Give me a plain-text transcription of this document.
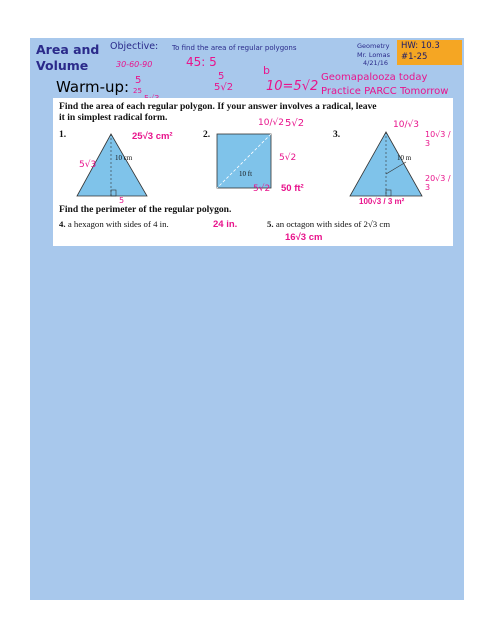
Area and
Volume
Objective: To find the area of regular polygons	Geometry
Mr. Lomas
4/21/16
HW: 10.3
#1-25
Warm-up:
30-60-90	45: 5
5
5√2
5
25
b
10=5√2
Geomapalooza today
Practice PARCC Tomorrow
Find the area of each regular polygon. If your answer involves a radical, leave
it in simplest radical form.
1.
10 cm
25√3 cm²
5√3
5
2.
10 ft
50 ft²
10/√2 5√2
5√2
5√2
3.
10 m
100√3 / 3 m²
10/√3
10√3 / 3
20√3 / 3
Find the perimeter of the regular polygon.
4. a hexagon with sides of 4 in.	24 in.	5. an octagon with sides of 2√3 cm
16√3 cm
